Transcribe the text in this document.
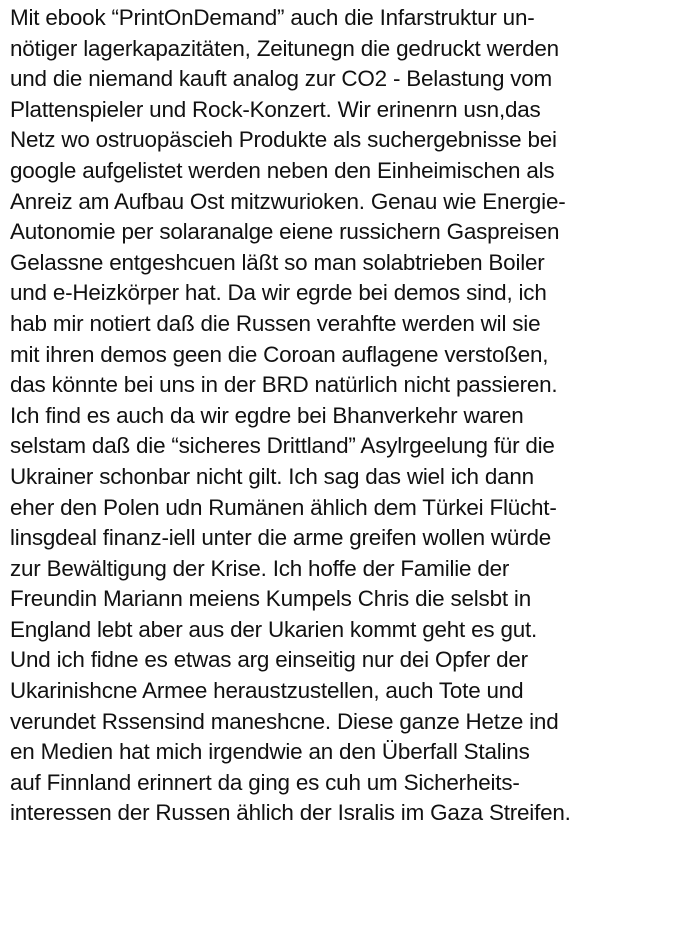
Mit ebook “PrintOnDemand” auch die Infarstruktur un-
nötiger lagerkapazitäten, Zeitunegn die gedruckt werden
und die niemand kauft analog zur CO2 - Belastung vom
Plattenspieler und Rock-Konzert. Wir erinenrn usn,das
Netz wo ostruopäscieh Produkte als suchergebnisse bei
google aufgelistet werden neben den Einheimischen als
Anreiz am Aufbau Ost mitzwurioken. Genau wie Energie-
Autonomie per solaranalge eiene russichern Gaspreisen
Gelassne entgeshcuen läßt so man solabtrieben Boiler
und e-Heizkörper hat. Da wir egrde bei demos sind, ich
hab mir notiert daß die Russen verahfte werden wil sie
mit ihren demos geen die Coroan auflagene verstoßen,
das könnte bei uns in der BRD natürlich nicht passieren.
Ich find es auch da wir egdre bei Bhanverkehr waren
selstam daß die “sicheres Drittland” Asylrgeelung für die
Ukrainer schonbar nicht gilt. Ich sag das wiel ich dann
eher den Polen udn Rumänen ählich dem Türkei Flücht-
linsgdeal finanz-iell unter die arme greifen wollen würde
zur Bewältigung der Krise. Ich hoffe der Familie der
Freundin Mariann meiens Kumpels Chris die selsbt in
England lebt aber aus der Ukarien kommt geht es gut.
Und ich fidne es etwas arg einseitig nur dei Opfer der
Ukarinishcne Armee heraustzustellen, auch Tote und
verundet Rssensind maneshcne. Diese ganze Hetze ind
en Medien hat mich irgendwie an den Überfall Stalins
auf Finnland erinnert da ging es cuh um Sicherheits-
interessen der Russen ählich der Isralis im Gaza Streifen.
